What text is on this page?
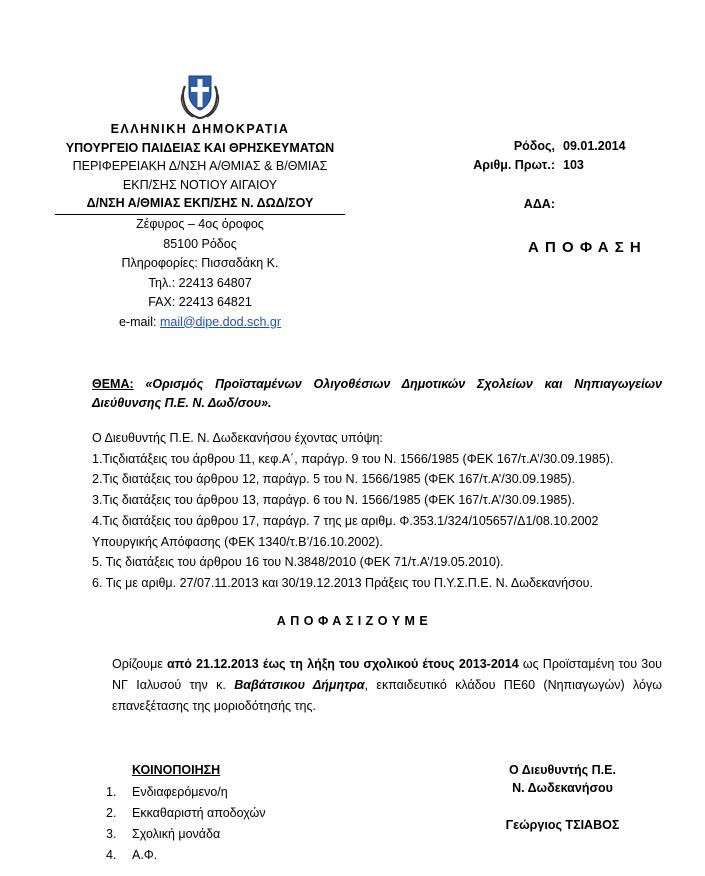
ΕΛΛΗΝΙΚΗ ΔΗΜΟΚΡΑΤΙΑ
ΥΠΟΥΡΓΕΙΟ ΠΑΙΔΕΙΑΣ ΚΑΙ ΘΡΗΣΚΕΥΜΑΤΩΝ
ΠΕΡΙΦΕΡΕΙΑΚΗ Δ/ΝΣΗ Α/ΘΜΙΑΣ & Β/ΘΜΙΑΣ
ΕΚΠ/ΣΗΣ ΝΟΤΙΟΥ ΑΙΓΑΙΟΥ
Δ/ΝΣΗ Α/ΘΜΙΑΣ ΕΚΠ/ΣΗΣ Ν. ΔΩΔ/ΣΟΥ
Ζέφυρος – 4ος όροφος
85100 Ρόδος
Πληροφορίες: Πισσαδάκη Κ.
Τηλ.: 22413 64807
FAX: 22413 64821
e-mail: mail@dipe.dod.sch.gr
Ρόδος, 09.01.2014
Αριθμ. Πρωτ.: 103
ΑΔΑ:
Α Π Ο Φ Α Σ Η
ΘΕΜΑ: «Ορισμός Προϊσταμένων Ολιγοθέσιων Δημοτικών Σχολείων και Νηπιαγωγείων Διεύθυνσης Π.Ε. Ν. Δωδ/σου».
Ο Διευθυντής Π.Ε. Ν. Δωδεκανήσου έχοντας υπόψη:
1.Τιςδιατάξεις του άρθρου 11, κεφ.Α΄, παράγρ. 9 του Ν. 1566/1985 (ΦΕΚ 167/τ.Α’/30.09.1985).
2.Τις διατάξεις του άρθρου 12, παράγρ. 5 του Ν. 1566/1985 (ΦΕΚ 167/τ.Α’/30.09.1985).
3.Τις διατάξεις του άρθρου 13, παράγρ. 6 του Ν. 1566/1985 (ΦΕΚ 167/τ.Α’/30.09.1985).
4.Τις διατάξεις του άρθρου 17, παράγρ. 7 της με αριθμ. Φ.353.1/324/105657/Δ1/08.10.2002
Υπουργικής Απόφασης (ΦΕΚ 1340/τ.Β’/16.10.2002).
5. Τις διατάξεις του άρθρου 16 του Ν.3848/2010 (ΦΕΚ 71/τ.Α’/19.05.2010).
6. Τις με αριθμ. 27/07.11.2013 και 30/19.12.2013 Πράξεις του Π.Υ.Σ.Π.Ε. Ν. Δωδεκανήσου.
Α Π Ο Φ Α Σ Ι Ζ Ο Υ Μ Ε
Ορίζουμε από 21.12.2013 έως τη λήξη του σχολικού έτους 2013-2014 ως Προϊσταμένη του 3ου ΝΓ Ιαλυσού την κ. Βαβάτσικου Δήμητρα, εκπαιδευτικό κλάδου ΠΕ60 (Νηπιαγωγών) λόγω επανεξέτασης της μοριοδότησής της.
ΚΟΙΝΟΠΟΙΗΣΗ
1. Ενδιαφερόμενο/η
2. Εκκαθαριστή αποδοχών
3. Σχολική μονάδα
4. Α.Φ.
Ο Διευθυντής Π.Ε.
Ν. Δωδεκανήσου
Γεώργιος ΤΣΙΑΒΟΣ
